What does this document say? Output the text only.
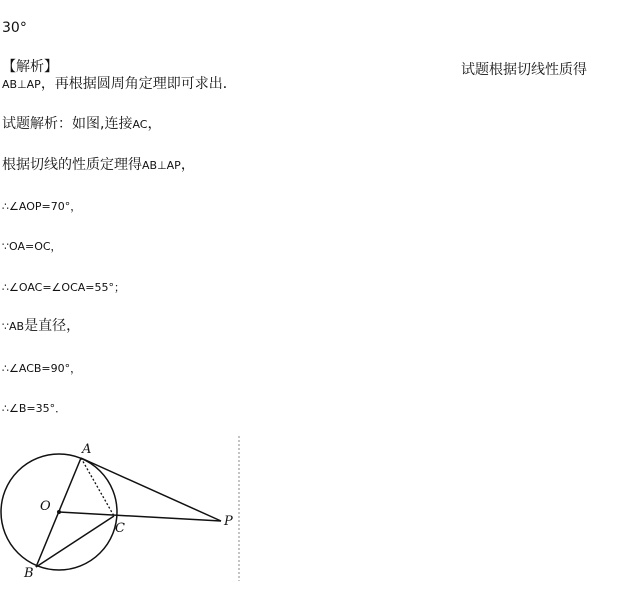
30°
【解析】	试题根据切线性质得
AB⊥AP，再根据圆周角定理即可求出．
试题解析：如图,连接AC，
根据切线的性质定理得AB⊥AP，
∴∠AOP=70°，
∵OA=OC，
∴∠OAC=∠OCA=55°；
∵AB是直径，
∴∠ACB=90°，
∴∠B=35°．
A
O
C	P
B
